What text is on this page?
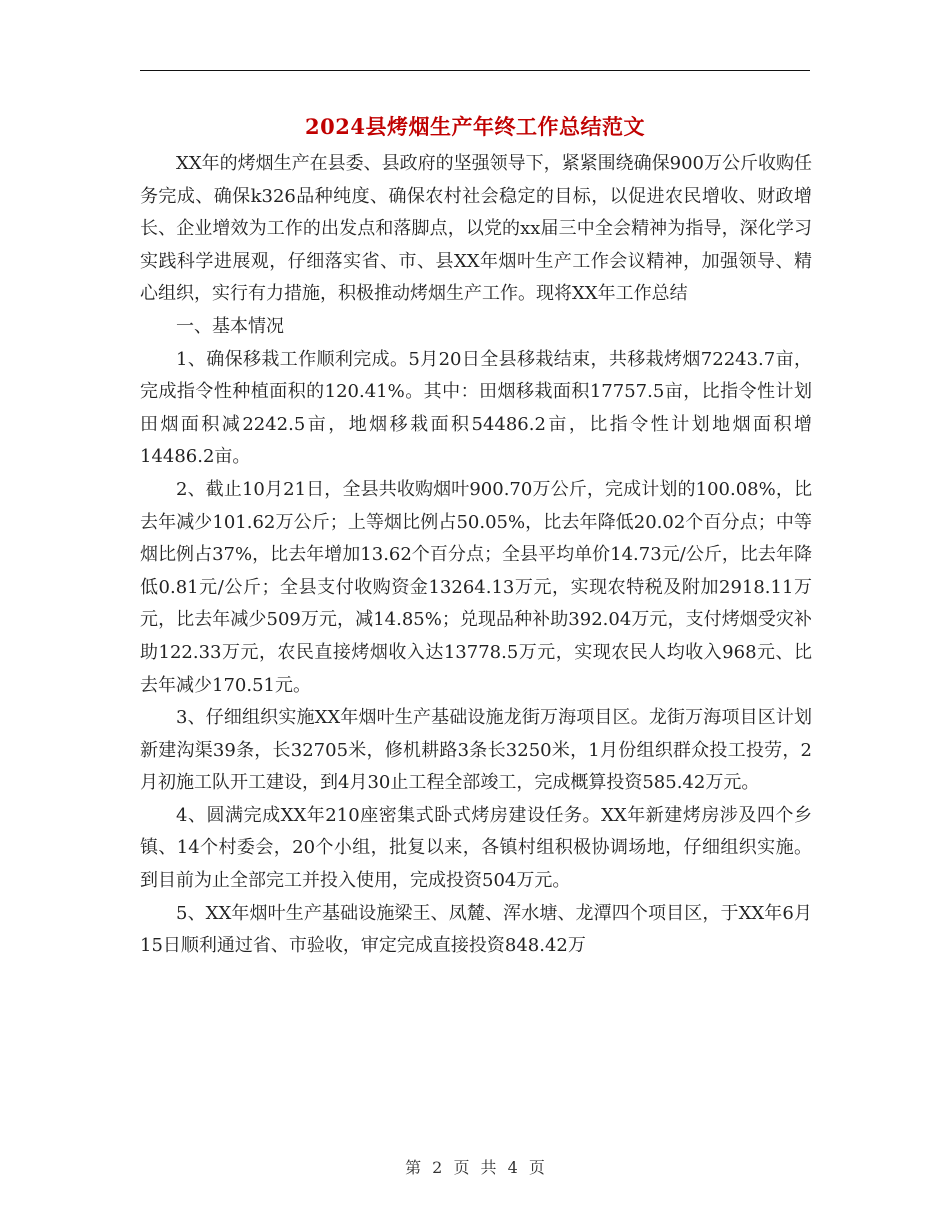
2024县烤烟生产年终工作总结范文

XX年的烤烟生产在县委、县政府的坚强领导下，紧紧围绕确保900万公斤收购任务完成、确保k326品种纯度、确保农村社会稳定的目标，以促进农民增收、财政增长、企业增效为工作的出发点和落脚点，以党的xx届三中全会精神为指导，深化学习实践科学进展观，仔细落实省、市、县XX年烟叶生产工作会议精神，加强领导、精心组织，实行有力措施，积极推动烤烟生产工作。现将XX年工作总结

一、基本情况

1、确保移栽工作顺利完成。5月20日全县移栽结束，共移栽烤烟72243.7亩，完成指令性种植面积的120.41%。其中：田烟移栽面积17757.5亩，比指令性计划田烟面积减2242.5亩，地烟移栽面积54486.2亩，比指令性计划地烟面积增14486.2亩。

2、截止10月21日，全县共收购烟叶900.70万公斤，完成计划的100.08%，比去年减少101.62万公斤；上等烟比例占50.05%，比去年降低20.02个百分点；中等烟比例占37%，比去年增加13.62个百分点；全县平均单价14.73元/公斤，比去年降低0.81元/公斤；全县支付收购资金13264.13万元，实现农特税及附加2918.11万元，比去年减少509万元，减14.85%；兑现品种补助392.04万元，支付烤烟受灾补助122.33万元，农民直接烤烟收入达13778.5万元，实现农民人均收入968元、比去年减少170.51元。

3、仔细组织实施XX年烟叶生产基础设施龙街万海项目区。龙街万海项目区计划新建沟渠39条，长32705米，修机耕路3条长3250米，1月份组织群众投工投劳，2月初施工队开工建设，到4月30止工程全部竣工，完成概算投资585.42万元。

4、圆满完成XX年210座密集式卧式烤房建设任务。XX年新建烤房涉及四个乡镇、14个村委会，20个小组，批复以来，各镇村组积极协调场地，仔细组织实施。到目前为止全部完工并投入使用，完成投资504万元。

5、XX年烟叶生产基础设施梁王、凤麓、浑水塘、龙潭四个项目区，于XX年6月15日顺利通过省、市验收，审定完成直接投资848.42万

第 2 页 共 4 页
